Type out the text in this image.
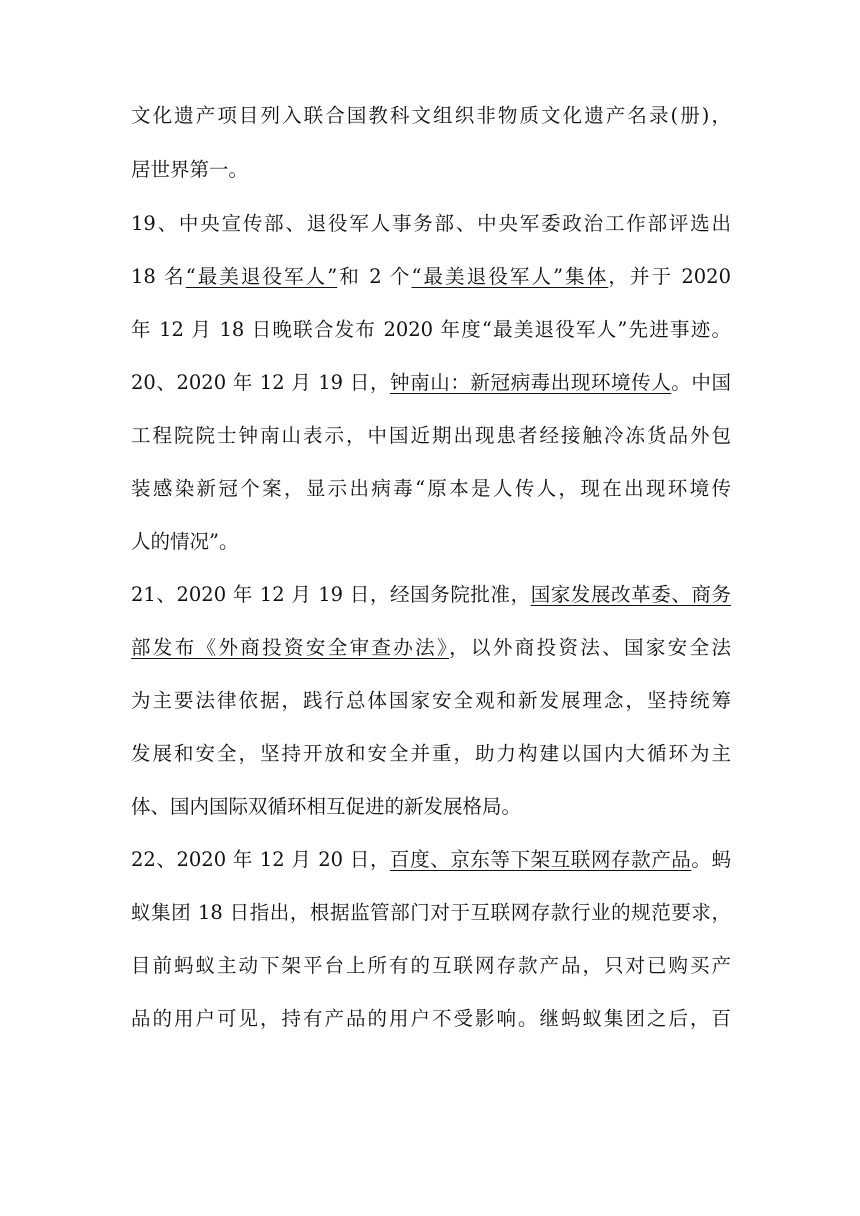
文化遗产项目列入联合国教科文组织非物质文化遗产名录(册)，
居世界第一。
19、中央宣传部、退役军人事务部、中央军委政治工作部评选出
18 名“最美退役军人”和 2 个“最美退役军人”集体，并于 2020
年 12 月 18 日晚联合发布 2020 年度“最美退役军人”先进事迹。
20、2020 年 12 月 19 日，钟南山：新冠病毒出现环境传人。中国
工程院院士钟南山表示，中国近期出现患者经接触冷冻货品外包
装感染新冠个案，显示出病毒“原本是人传人，现在出现环境传
人的情况”。
21、2020 年 12 月 19 日，经国务院批准，国家发展改革委、商务
部发布《外商投资安全审查办法》，以外商投资法、国家安全法
为主要法律依据，践行总体国家安全观和新发展理念，坚持统筹
发展和安全，坚持开放和安全并重，助力构建以国内大循环为主
体、国内国际双循环相互促进的新发展格局。
22、2020 年 12 月 20 日，百度、京东等下架互联网存款产品。蚂
蚁集团 18 日指出，根据监管部门对于互联网存款行业的规范要求，
目前蚂蚁主动下架平台上所有的互联网存款产品，只对已购买产
品的用户可见，持有产品的用户不受影响。继蚂蚁集团之后，百
